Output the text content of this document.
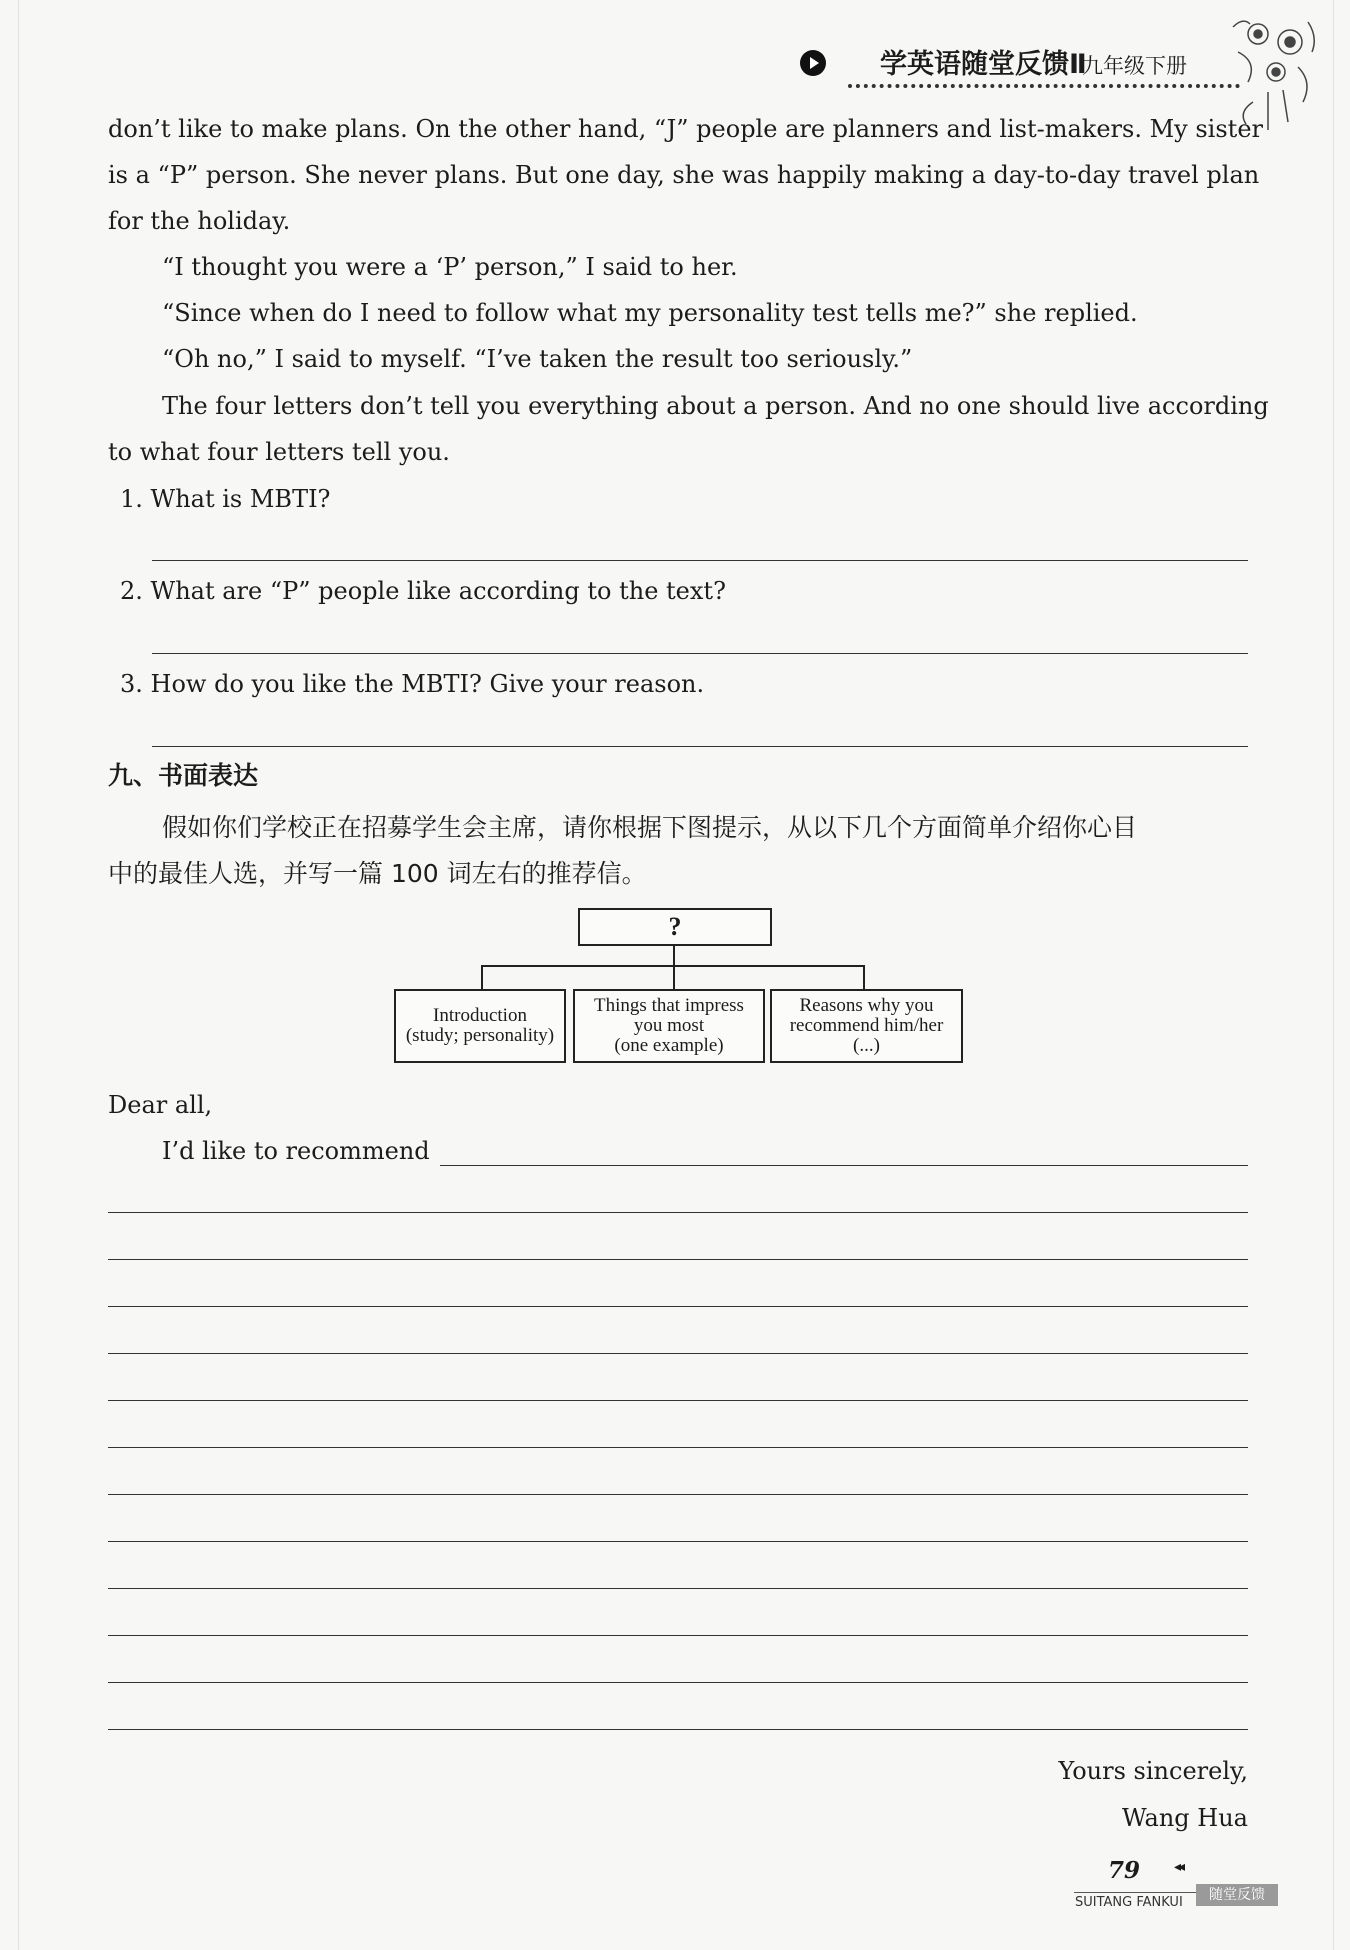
学英语随堂反馈Ⅱ
九年级下册
don’t like to make plans. On the other hand, “J” people are planners and list-makers. My sister
is a “P” person. She never plans. But one day, she was happily making a day-to-day travel plan
for the holiday.
“I thought you were a ‘P’ person,” I said to her.
“Since when do I need to follow what my personality test tells me?” she replied.
“Oh no,” I said to myself. “I’ve taken the result too seriously.”
The four letters don’t tell you everything about a person. And no one should live according
to what four letters tell you.
1. What is MBTI?
2. What are “P” people like according to the text?
3. How do you like the MBTI? Give your reason.
九、书面表达
假如你们学校正在招募学生会主席，请你根据下图提示，从以下几个方面简单介绍你心目
中的最佳人选，并写一篇 100 词左右的推荐信。
?
Introduction
(study; personality)
Things that impress
you most
(one example)
Reasons why you
recommend him/her
(...)
Dear all,
I’d like to recommend
Yours sincerely,
Wang Hua
79 ◂◂
SUITANG FANKUI	随堂反馈
